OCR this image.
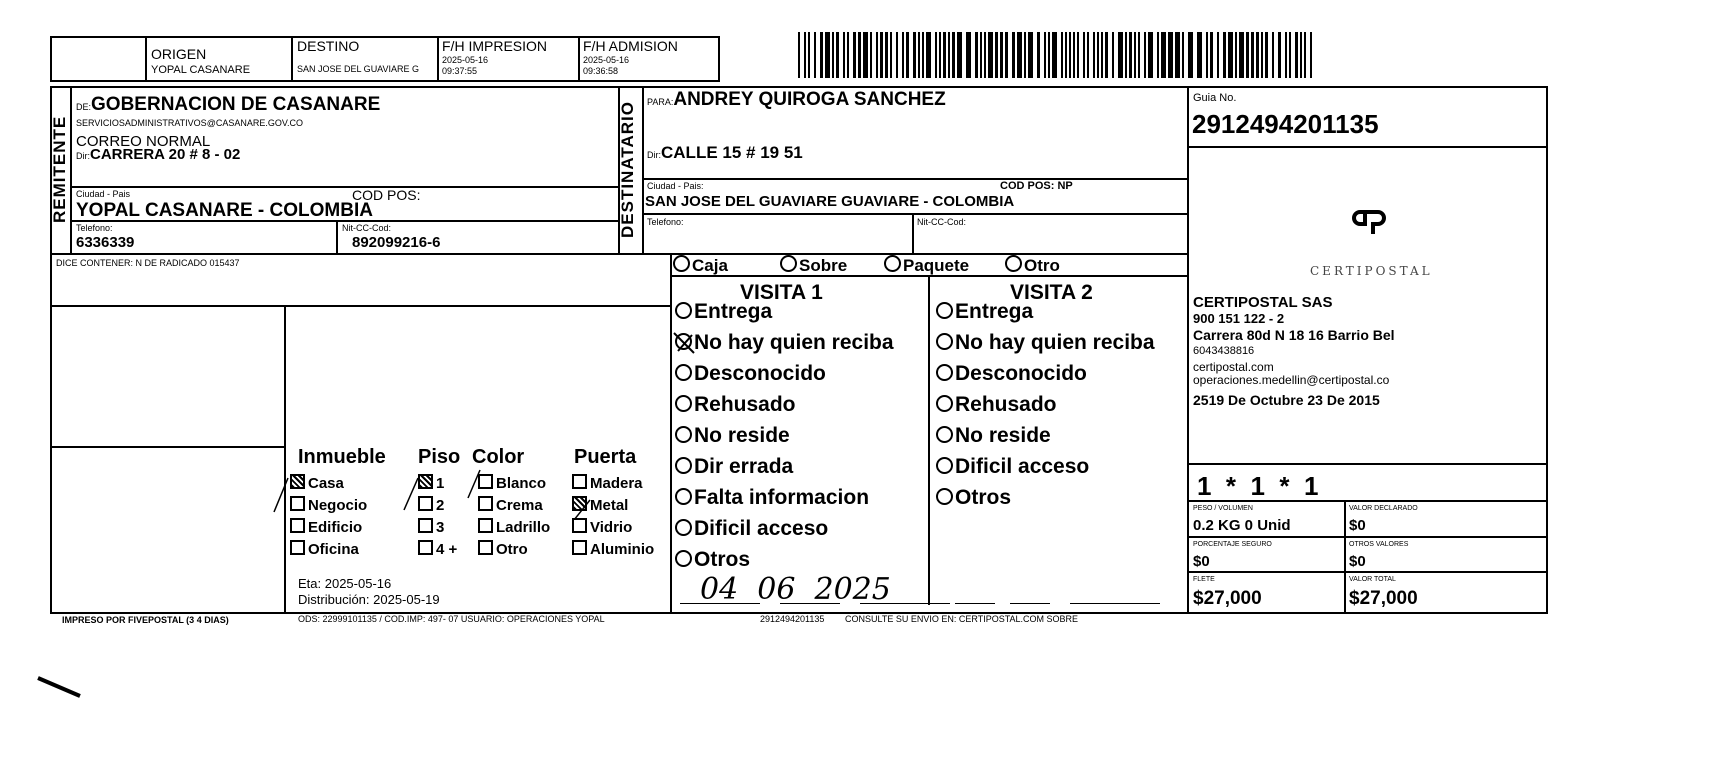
ORIGEN
YOPAL CASANARE
DESTINO
SAN JOSE DEL GUAVIARE G
F/H IMPRESION
2025-05-16
09:37:55
F/H ADMISION
2025-05-16
09:36:58
REMITENTE
DE:GOBERNACION DE CASANARE
SERVICIOSADMINISTRATIVOS@CASANARE.GOV.CO
CORREO NORMAL
Dir:CARRERA 20 # 8 - 02
Ciudad - Pais	COD POS:
YOPAL CASANARE - COLOMBIA
Telefono:
6336339
Nit-CC-Cod:
892099216-6
DESTINATARIO	PARA:ANDREY QUIROGA SANCHEZ
Dir:CALLE 15 # 19 51
Ciudad - Pais:	COD POS: NP
SAN JOSE DEL GUAVIARE GUAVIARE - COLOMBIA
Telefono:	Nit-CC-Cod:
Guia No.
2912494201135
CERTIPOSTAL
CERTIPOSTAL SAS
900 151 122 - 2
Carrera 80d N 18 16 Barrio Bel
6043438816
certipostal.com
operaciones.medellin@certipostal.co
2519 De Octubre 23 De 2015
1  *  1  *  1
PESO / VOLUMEN
0.2 KG 0 Unid
VALOR DECLARADO
$0
PORCENTAJE SEGURO
$0
OTROS VALORES
$0
FLETE
$27,000
VALOR TOTAL
$27,000
DICE CONTENER: N DE RADICADO 015437	Caja	Sobre	Paquete	Otro
VISITA 1	VISITA 2
Entrega
No hay quien reciba
Desconocido
Rehusado
No reside
Dir errada
Falta informacion
Dificil acceso
Otros
Entrega
No hay quien reciba
Desconocido
Rehusado
No reside
Dificil acceso
Otros
04  06  2025
Inmueble Piso Color Puerta
Casa
Negocio
Edificio
Oficina
1
2
3
4 +
Blanco
Crema
Ladrillo
Otro
Madera
Metal
Vidrio
Aluminio
Eta: 2025-05-16
Distribución: 2025-05-19
IMPRESO POR FIVEPOSTAL (3 4 DIAS)	ODS: 22999101135 / COD.IMP: 497- 07 USUARIO: OPERACIONES YOPAL	2912494201135 CONSULTE SU ENVIO EN: CERTIPOSTAL.COM SOBRE
